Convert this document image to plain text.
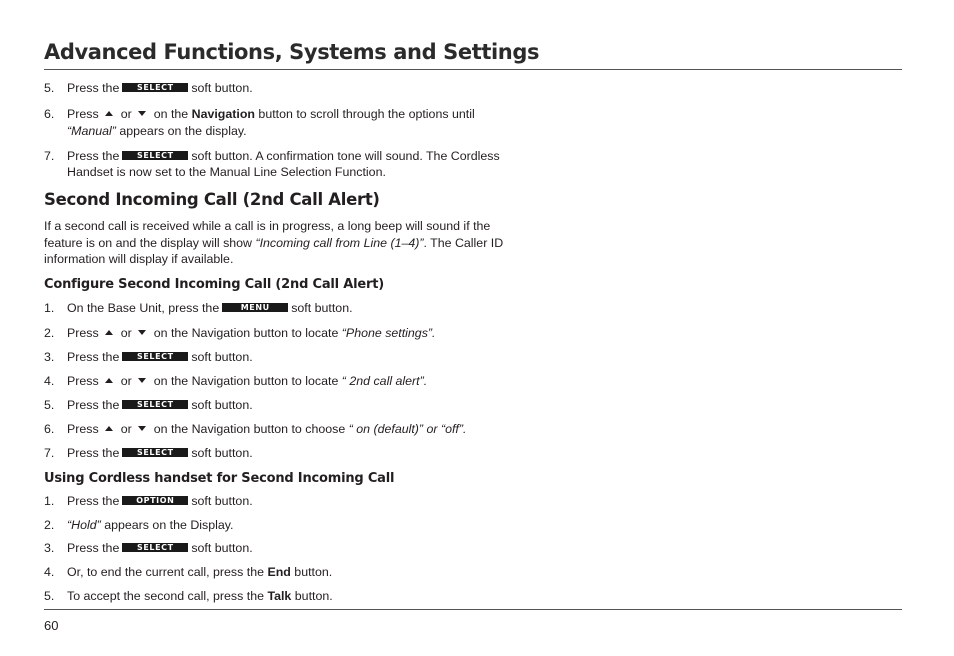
Advanced Functions, Systems and Settings
5. Press the SELECT soft button.
6. Press or on the Navigation button to scroll through the options until
“Manual” appears on the display.
7. Press the SELECT soft button. A confirmation tone will sound. The Cordless
Handset is now set to the Manual Line Selection Function.
Second Incoming Call (2nd Call Alert)
If a second call is received while a call is in progress, a long beep will sound if the
feature is on and the display will show “Incoming call from Line (1–4)”. The Caller ID
information will display if available.
Configure Second Incoming Call (2nd Call Alert)
1. On the Base Unit, press the	MENU soft button.
2. Press or on the Navigation button to locate “Phone settings”.
3. Press the SELECT soft button.
4. Press or on the Navigation button to locate “ 2nd call alert”.
5. Press the SELECT soft button.
6. Press or on the Navigation button to choose “ on (default)” or “off”.
7. Press the SELECT soft button.
Using Cordless handset for Second Incoming Call
1. Press the OPTION soft button.
2. “Hold” appears on the Display.
3. Press the SELECT soft button.
4. Or, to end the current call, press the End button.
5. To accept the second call, press the Talk button.
60
